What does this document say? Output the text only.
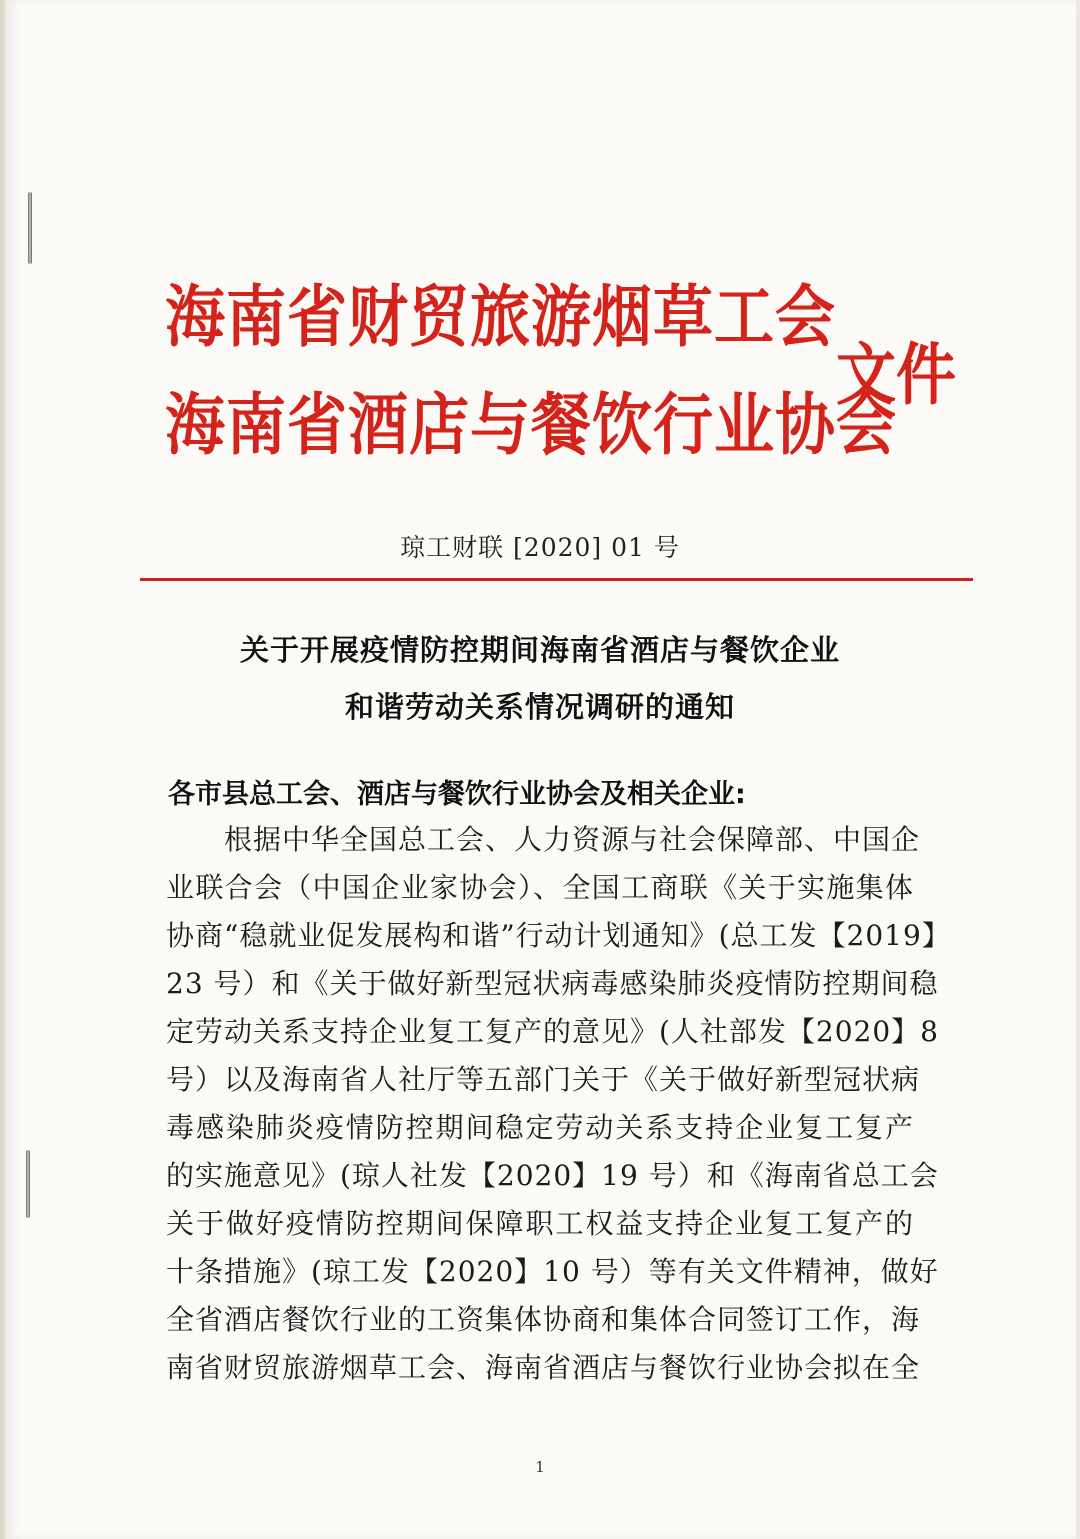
海南省财贸旅游烟草工会
海南省酒店与餐饮行业协会
文件
琼工财联 [2020] 01 号
关于开展疫情防控期间海南省酒店与餐饮企业
和谐劳动关系情况调研的通知
各市县总工会、酒店与餐饮行业协会及相关企业:
根据中华全国总工会、人力资源与社会保障部、中国企
业联合会（中国企业家协会）、全国工商联《关于实施集体
协商“稳就业促发展构和谐”行动计划通知》(总工发【2019】
23 号）和《关于做好新型冠状病毒感染肺炎疫情防控期间稳
定劳动关系支持企业复工复产的意见》(人社部发【2020】8
号）以及海南省人社厅等五部门关于《关于做好新型冠状病
毒感染肺炎疫情防控期间稳定劳动关系支持企业复工复产
的实施意见》(琼人社发【2020】19 号）和《海南省总工会
关于做好疫情防控期间保障职工权益支持企业复工复产的
十条措施》(琼工发【2020】10 号）等有关文件精神，做好
全省酒店餐饮行业的工资集体协商和集体合同签订工作，海
南省财贸旅游烟草工会、海南省酒店与餐饮行业协会拟在全
1
